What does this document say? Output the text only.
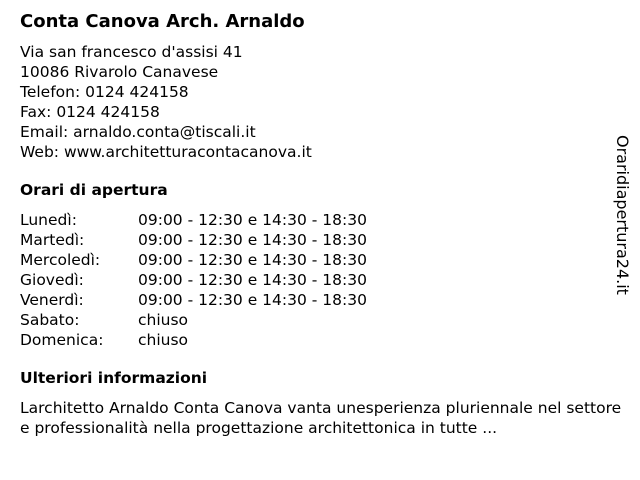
Conta Canova Arch. Arnaldo
Via san francesco d'assisi 41
10086 Rivarolo Canavese
Telefon: 0124 424158
Fax: 0124 424158
Email: arnaldo.conta@tiscali.it
Web: www.architetturacontacanova.it
Orari di apertura
Lunedì:	09:00 - 12:30 e 14:30 - 18:30
Martedì:	09:00 - 12:30 e 14:30 - 18:30
Mercoledì:	09:00 - 12:30 e 14:30 - 18:30
Giovedì:	09:00 - 12:30 e 14:30 - 18:30
Venerdì:	09:00 - 12:30 e 14:30 - 18:30
Sabato:	chiuso
Domenica:	chiuso
Ulteriori informazioni
Larchitetto Arnaldo Conta Canova vanta unesperienza pluriennale nel settore e professionalità nella progettazione architettonica in tutte ...
Oraridiapertura24.it
